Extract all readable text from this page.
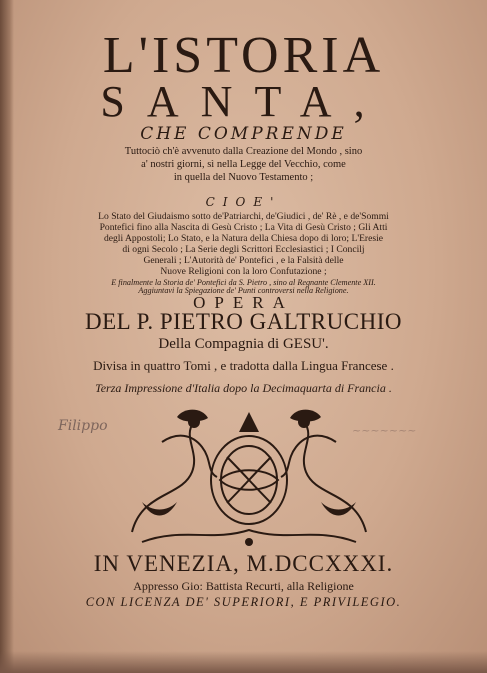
L'ISTORIA
SANTA,
CHE COMPRENDE
Tuttociò ch'è avvenuto dalla Creazione del Mondo , sino
a' nostri giorni, sì nella Legge del Vecchio, come
in quella del Nuovo Testamento ;
CIOE'
Lo Stato del Giudaismo sotto de'Patriarchi, de'Giudici , de' Rè , e de'Sommi
Pontefici fino alla Nascita di Gesù Cristo ; La Vita di Gesù Cristo ; Gli Atti
degli Appostoli; Lo Stato, e la Natura della Chiesa dopo di loro; L'Eresie
di ogni Secolo ; La Serie degli Scrittori Ecclesiastici ; I Concilj
Generali ; L'Autorità de' Pontefici , e la Falsità delle
Nuove Religioni con la loro Confutazione ;
E finalmente la Storia de' Pontefici da S. Pietro , sino al Regnante Clemente XII.
OPERA
Aggiuntavi la Spiegazione de' Punti controversi nella Religione.
DEL P. PIETRO GALTRUCHIO
Della Compagnia di GESU'.
Divisa in quattro Tomi , e tradotta dalla Lingua Francese .
Terza Impressione d'Italia dopo la Decimaquarta di Francia .
Filippo	~~~~~~~
IN VENEZIA, M.DCCXXXI.
Appresso Gio: Battista Recurti, alla Religione
CON LICENZA DE' SUPERIORI, E PRIVILEGIO.
